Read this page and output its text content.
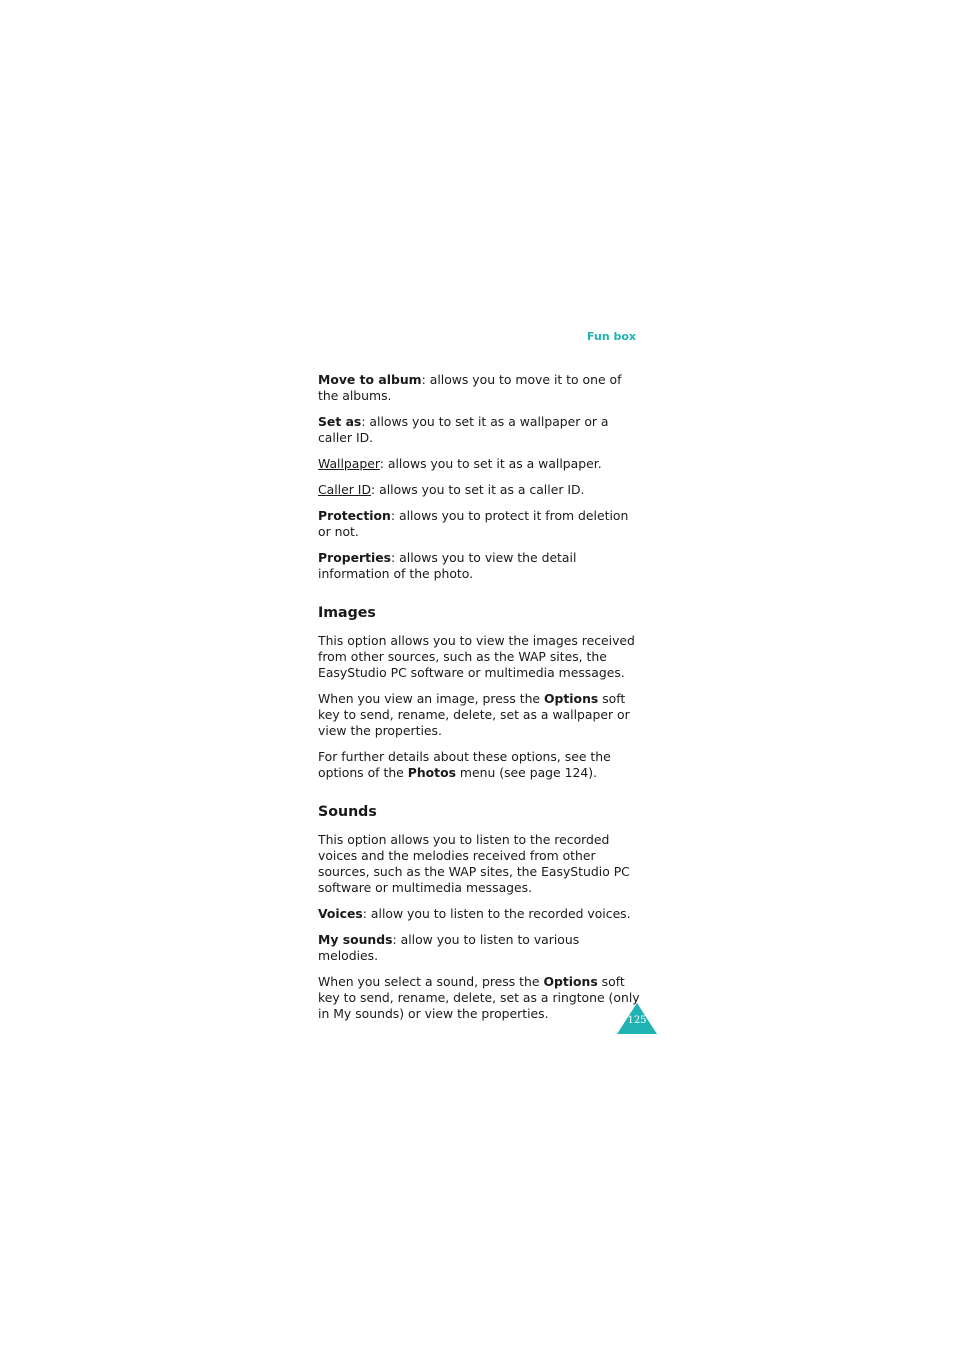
Fun box

Move to album: allows you to move it to one of the albums.

Set as: allows you to set it as a wallpaper or a caller ID.

Wallpaper: allows you to set it as a wallpaper.

Caller ID: allows you to set it as a caller ID.

Protection: allows you to protect it from deletion or not.

Properties: allows you to view the detail information of the photo.

Images

This option allows you to view the images received from other sources, such as the WAP sites, the EasyStudio PC software or multimedia messages.

When you view an image, press the Options soft key to send, rename, delete, set as a wallpaper or view the properties.

For further details about these options, see the options of the Photos menu (see page 124).

Sounds

This option allows you to listen to the recorded voices and the melodies received from other sources, such as the WAP sites, the EasyStudio PC software or multimedia messages.

Voices: allow you to listen to the recorded voices.

My sounds: allow you to listen to various melodies.

When you select a sound, press the Options soft key to send, rename, delete, set as a ringtone (only in My sounds) or view the properties.	125
